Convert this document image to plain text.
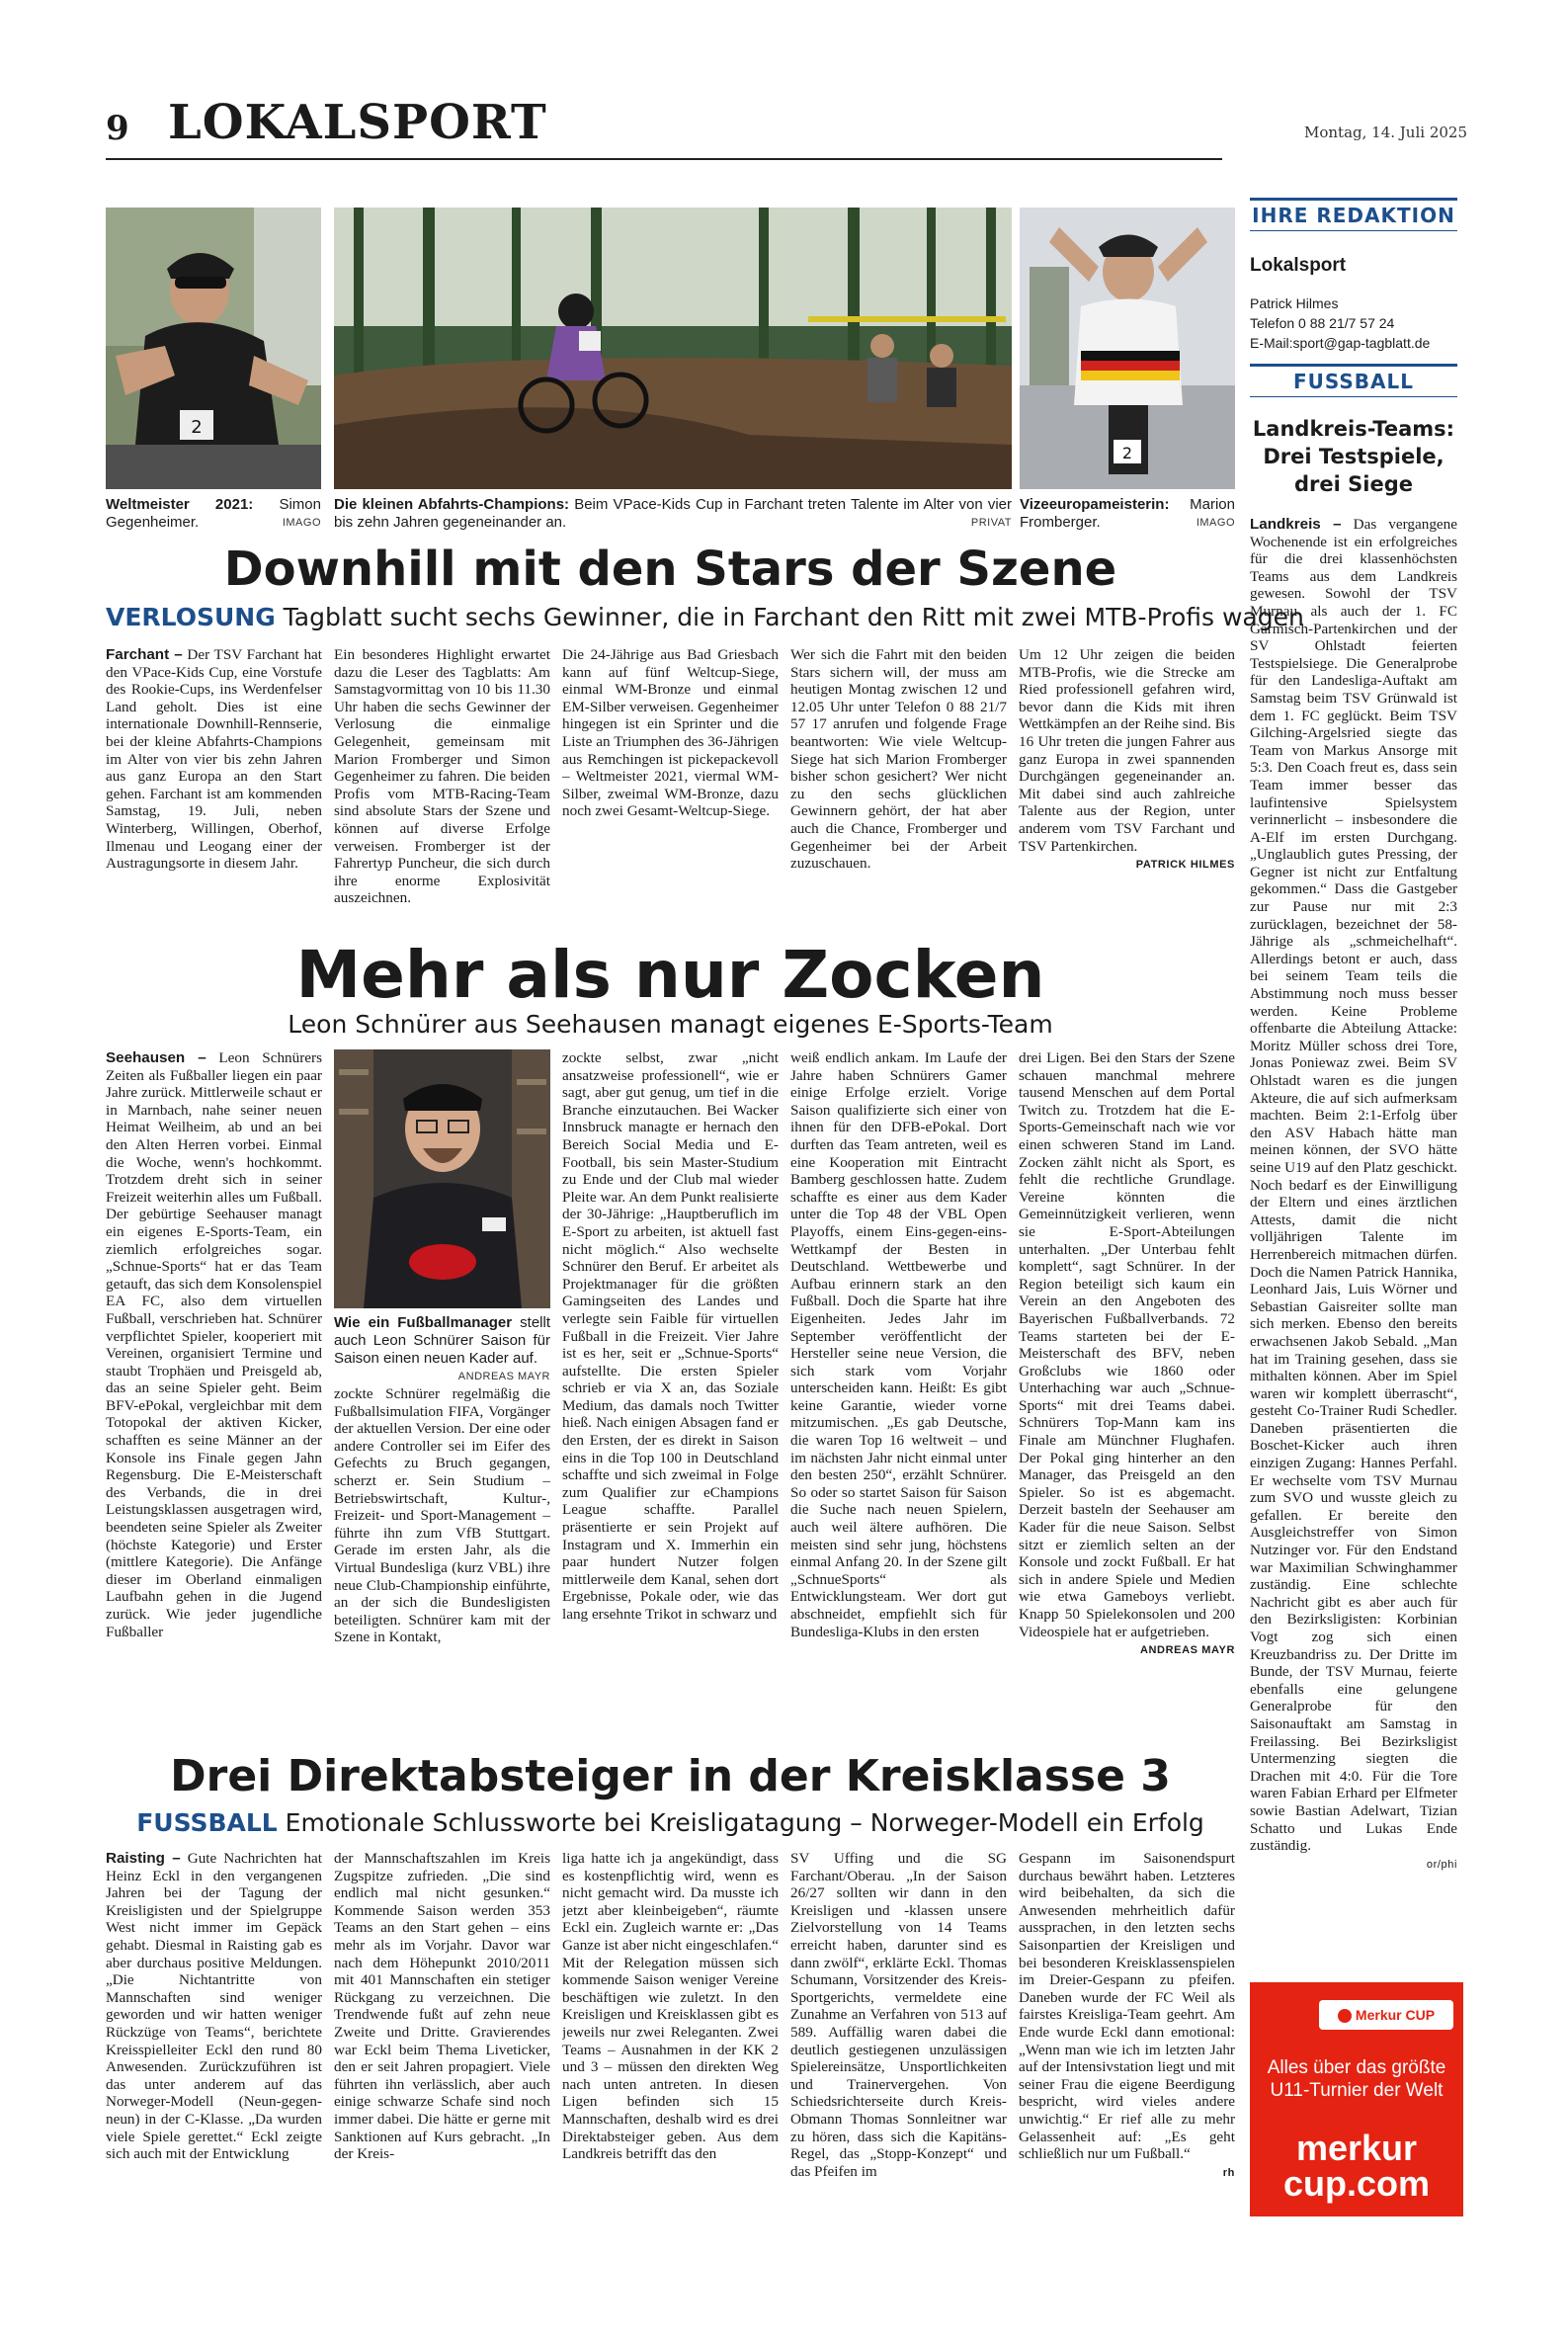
9 LOKALSPORT	Montag, 14. Juli 2025
2
Weltmeister 2021: Simon Gegenheimer.	IMAGO
Die kleinen Abfahrts-Champions: Beim VPace-Kids Cup in Farchant treten Talente im Alter von vier bis zehn Jahren gegeneinander an.	PRIVAT
2
Vizeeuropameisterin: Marion Fromberger.	IMAGO
Downhill mit den Stars der Szene
VERLOSUNG Tagblatt sucht sechs Gewinner, die in Farchant den Ritt mit zwei MTB-Profis wagen

Farchant – Der TSV Farchant hat den VPace-Kids Cup, eine Vorstufe des Rookie-Cups, ins Werdenfelser Land geholt. Dies ist eine internationale Downhill-Rennserie, bei der kleine Abfahrts-Champions im Alter von vier bis zehn Jahren aus ganz Europa an den Start gehen. Farchant ist am kommenden Samstag, 19. Juli, neben Winterberg, Willingen, Oberhof, Ilmenau und Leogang einer der Austragungsorte in diesem Jahr.

Ein besonderes Highlight erwartet dazu die Leser des Tagblatts: Am Samstagvormittag von 10 bis 11.30 Uhr haben die sechs Gewinner der Verlosung die einmalige Gelegenheit, gemeinsam mit Marion Fromberger und Simon Gegenheimer zu fahren. Die beiden Profis vom MTB-Racing-Team sind absolute Stars der Szene und können auf diverse Erfolge verweisen. Fromberger ist der Fahrertyp Puncheur, die sich durch ihre enorme Explosivität auszeichnen.

Die 24-Jährige aus Bad Griesbach kann auf fünf Weltcup-Siege, einmal WM-Bronze und einmal EM-Silber verweisen. Gegenheimer hingegen ist ein Sprinter und die Liste an Triumphen des 36-Jährigen aus Remchingen ist pickepackevoll – Weltmeister 2021, viermal WM-Silber, zweimal WM-Bronze, dazu noch zwei Gesamt-Weltcup-Siege.

Wer sich die Fahrt mit den beiden Stars sichern will, der muss am heutigen Montag zwischen 12 und 12.05 Uhr unter Telefon 0 88 21/7 57 17 anrufen und folgende Frage beantworten: Wie viele Weltcup-Siege hat sich Marion Fromberger bisher schon gesichert? Wer nicht zu den sechs glücklichen Gewinnern gehört, der hat aber auch die Chance, Fromberger und Gegenheimer bei der Arbeit zuzuschauen.

Um 12 Uhr zeigen die beiden MTB-Profis, wie die Strecke am Ried professionell gefahren wird, bevor dann die Kids mit ihren Wettkämpfen an der Reihe sind. Bis 16 Uhr treten die jungen Fahrer aus ganz Europa in zwei spannenden Durchgängen gegeneinander an. Mit dabei sind auch zahlreiche Talente aus der Region, unter anderem vom TSV Farchant und TSV Partenkirchen.

PATRICK HILMES
Mehr als nur Zocken
Leon Schnürer aus Seehausen managt eigenes E-Sports-Team

Seehausen – Leon Schnürers Zeiten als Fußballer liegen ein paar Jahre zurück. Mittlerweile schaut er in Marnbach, nahe seiner neuen Heimat Weilheim, ab und an bei den Alten Herren vorbei. Einmal die Woche, wenn's hochkommt. Trotzdem dreht sich in seiner Freizeit weiterhin alles um Fußball. Der gebürtige Seehauser managt ein eigenes E-Sports-Team, ein ziemlich erfolgreiches sogar. „Schnue-Sports“ hat er das Team getauft, das sich dem Konsolenspiel EA FC, also dem virtuellen Fußball, verschrieben hat. Schnürer verpflichtet Spieler, kooperiert mit Vereinen, organisiert Termine und staubt Trophäen und Preisgeld ab, das an seine Spieler geht. Beim BFV-ePokal, vergleichbar mit dem Totopokal der aktiven Kicker, schafften es seine Männer an der Konsole ins Finale gegen Jahn Regensburg. Die E-Meisterschaft des Verbands, die in drei Leistungsklassen ausgetragen wird, beendeten seine Spieler als Zweiter (höchste Kategorie) und Erster (mittlere Kategorie). Die Anfänge dieser im Oberland einmaligen Laufbahn gehen in die Jugend zurück. Wie jeder jugendliche Fußballer

Wie ein Fußballmanager stellt auch Leon Schnürer Saison für Saison einen neuen Kader auf.
ANDREAS MAYR

zockte Schnürer regelmäßig die Fußballsimulation FIFA, Vorgänger der aktuellen Version. Der eine oder andere Controller sei im Eifer des Gefechts zu Bruch gegangen, scherzt er. Sein Studium – Betriebswirtschaft, Kultur-, Freizeit- und Sport-Management – führte ihn zum VfB Stuttgart. Gerade im ersten Jahr, als die Virtual Bundesliga (kurz VBL) ihre neue Club-Championship einführte, an der sich die Bundesligisten beteiligten. Schnürer kam mit der Szene in Kontakt,

zockte selbst, zwar „nicht ansatzweise professionell“, wie er sagt, aber gut genug, um tief in die Branche einzutauchen. Bei Wacker Innsbruck managte er hernach den Bereich Social Media und E-Football, bis sein Master-Studium zu Ende und der Club mal wieder Pleite war. An dem Punkt realisierte der 30-Jährige: „Hauptberuflich im E-Sport zu arbeiten, ist aktuell fast nicht möglich.“ Also wechselte Schnürer den Beruf. Er arbeitet als Projektmanager für die größten Gamingseiten des Landes und verlegte sein Faible für virtuellen Fußball in die Freizeit. Vier Jahre ist es her, seit er „Schnue-Sports“ aufstellte. Die ersten Spieler schrieb er via X an, das Soziale Medium, das damals noch Twitter hieß. Nach einigen Absagen fand er den Ersten, der es direkt in Saison eins in die Top 100 in Deutschland schaffte und sich zweimal in Folge zum Qualifier zur eChampions League schaffte. Parallel präsentierte er sein Projekt auf Instagram und X. Immerhin ein paar hundert Nutzer folgen mittlerweile dem Kanal, sehen dort Ergebnisse, Pokale oder, wie das lang ersehnte Trikot in schwarz und

weiß endlich ankam. Im Laufe der Jahre haben Schnürers Gamer einige Erfolge erzielt. Vorige Saison qualifizierte sich einer von ihnen für den DFB-ePokal. Dort durften das Team antreten, weil es eine Kooperation mit Eintracht Bamberg geschlossen hatte. Zudem schaffte es einer aus dem Kader unter die Top 48 der VBL Open Playoffs, einem Eins-gegen-eins-Wettkampf der Besten in Deutschland. Wettbewerbe und Aufbau erinnern stark an den Fußball. Doch die Sparte hat ihre Eigenheiten. Jedes Jahr im September veröffentlicht der Hersteller seine neue Version, die sich stark vom Vorjahr unterscheiden kann. Heißt: Es gibt keine Garantie, wieder vorne mitzumischen. „Es gab Deutsche, die waren Top 16 weltweit – und im nächsten Jahr nicht einmal unter den besten 250“, erzählt Schnürer. So oder so startet Saison für Saison die Suche nach neuen Spielern, auch weil ältere aufhören. Die meisten sind sehr jung, höchstens einmal Anfang 20. In der Szene gilt „SchnueSports“ als Entwicklungsteam. Wer dort gut abschneidet, empfiehlt sich für Bundesliga-Klubs in den ersten

drei Ligen. Bei den Stars der Szene schauen manchmal mehrere tausend Menschen auf dem Portal Twitch zu. Trotzdem hat die E-Sports-Gemeinschaft nach wie vor einen schweren Stand im Land. Zocken zählt nicht als Sport, es fehlt die rechtliche Grundlage. Vereine könnten die Gemeinnützigkeit verlieren, wenn sie E-Sport-Abteilungen unterhalten. „Der Unterbau fehlt komplett“, sagt Schnürer. In der Region beteiligt sich kaum ein Verein an den Angeboten des Bayerischen Fußballverbands. 72 Teams starteten bei der E-Meisterschaft des BFV, neben Großclubs wie 1860 oder Unterhaching war auch „Schnue-Sports“ mit drei Teams dabei. Schnürers Top-Mann kam ins Finale am Münchner Flughafen. Der Pokal ging hinterher an den Manager, das Preisgeld an den Spieler. So ist es abgemacht. Derzeit basteln der Seehauser am Kader für die neue Saison. Selbst sitzt er ziemlich selten an der Konsole und zockt Fußball. Er hat sich in andere Spiele und Medien wie etwa Gameboys verliebt. Knapp 50 Spielekonsolen und 200 Videospiele hat er aufgetrieben.

ANDREAS MAYR
Drei Direktabsteiger in der Kreisklasse 3
FUSSBALL Emotionale Schlussworte bei Kreisligatagung – Norweger-Modell ein Erfolg

Raisting – Gute Nachrichten hat Heinz Eckl in den vergangenen Jahren bei der Tagung der Kreisligisten und der Spielgruppe West nicht immer im Gepäck gehabt. Diesmal in Raisting gab es aber durchaus positive Meldungen. „Die Nichtantritte von Mannschaften sind weniger geworden und wir hatten weniger Rückzüge von Teams“, berichtete Kreisspielleiter Eckl den rund 80 Anwesenden. Zurückzuführen ist das unter anderem auf das Norweger-Modell (Neun-gegen-neun) in der C-Klasse. „Da wurden viele Spiele gerettet.“ Eckl zeigte sich auch mit der Entwicklung

der Mannschaftszahlen im Kreis Zugspitze zufrieden. „Die sind endlich mal nicht gesunken.“ Kommende Saison werden 353 Teams an den Start gehen – eins mehr als im Vorjahr. Davor war nach dem Höhepunkt 2010/2011 mit 401 Mannschaften ein stetiger Rückgang zu verzeichnen. Die Trendwende fußt auf zehn neue Zweite und Dritte. Gravierendes war Eckl beim Thema Liveticker, den er seit Jahren propagiert. Viele führten ihn verlässlich, aber auch einige schwarze Schafe sind noch immer dabei. Die hätte er gerne mit Sanktionen auf Kurs gebracht. „In der Kreis-

liga hatte ich ja angekündigt, dass es kostenpflichtig wird, wenn es nicht gemacht wird. Da musste ich jetzt aber kleinbeigeben“, räumte Eckl ein. Zugleich warnte er: „Das Ganze ist aber nicht eingeschlafen.“ Mit der Relegation müssen sich kommende Saison weniger Vereine beschäftigen wie zuletzt. In den Kreisligen und Kreisklassen gibt es jeweils nur zwei Releganten. Zwei Teams – Ausnahmen in der KK 2 und 3 – müssen den direkten Weg nach unten antreten. In diesen Ligen befinden sich 15 Mannschaften, deshalb wird es drei Direktabsteiger geben. Aus dem Landkreis betrifft das den

SV Uffing und die SG Farchant/Oberau. „In der Saison 26/27 sollten wir dann in den Kreisligen und -klassen unsere Zielvorstellung von 14 Teams erreicht haben, darunter sind es dann zwölf“, erklärte Eckl. Thomas Schumann, Vorsitzender des Kreis-Sportgerichts, vermeldete eine Zunahme an Verfahren von 513 auf 589. Auffällig waren dabei die deutlich gestiegenen unzulässigen Spielereinsätze, Unsportlichkeiten und Trainervergehen. Von Schiedsrichterseite durch Kreis-Obmann Thomas Sonnleitner war zu hören, dass sich die Kapitäns-Regel, das „Stopp-Konzept“ und das Pfeifen im

Gespann im Saisonendspurt durchaus bewährt haben. Letzteres wird beibehalten, da sich die Anwesenden mehrheitlich dafür aussprachen, in den letzten sechs Saisonpartien der Kreisligen und bei besonderen Kreisklassenspielen im Dreier-Gespann zu pfeifen. Daneben wurde der FC Weil als fairstes Kreisliga-Team geehrt. Am Ende wurde Eckl dann emotional: „Wenn man wie ich im letzten Jahr auf der Intensivstation liegt und mit seiner Frau die eigene Beerdigung bespricht, wird vieles andere unwichtig.“ Er rief alle zu mehr Gelassenheit auf: „Es geht schließlich nur um Fußball.“

rh
IHRE REDAKTION
Lokalsport
Patrick Hilmes
Telefon 0 88 21/7 57 24
E-Mail:sport@gap-tagblatt.de
FUSSBALL
Landkreis-Teams: Drei Testspiele, drei Siege

Landkreis – Das vergangene Wochenende ist ein erfolgreiches für die drei klassenhöchsten Teams aus dem Landkreis gewesen. Sowohl der TSV Murnau als auch der 1. FC Garmisch-Partenkirchen und der SV Ohlstadt feierten Testspielsiege. Die Generalprobe für den Landesliga-Auftakt am Samstag beim TSV Grünwald ist dem 1. FC geglückt. Beim TSV Gilching-Argelsried siegte das Team von Markus Ansorge mit 5:3. Den Coach freut es, dass sein Team immer besser das laufintensive Spielsystem verinnerlicht – insbesondere die A-Elf im ersten Durchgang. „Unglaublich gutes Pressing, der Gegner ist nicht zur Entfaltung gekommen.“ Dass die Gastgeber zur Pause nur mit 2:3 zurücklagen, bezeichnet der 58-Jährige als „schmeichelhaft“. Allerdings betont er auch, dass bei seinem Team teils die Abstimmung noch muss besser werden. Keine Probleme offenbarte die Abteilung Attacke: Moritz Müller schoss drei Tore, Jonas Poniewaz zwei. Beim SV Ohlstadt waren es die jungen Akteure, die auf sich aufmerksam machten. Beim 2:1-Erfolg über den ASV Habach hätte man meinen können, der SVO hätte seine U19 auf den Platz geschickt. Noch bedarf es der Einwilligung der Eltern und eines ärztlichen Attests, damit die nicht volljährigen Talente im Herrenbereich mitmachen dürfen. Doch die Namen Patrick Hannika, Leonhard Jais, Luis Wörner und Sebastian Gaisreiter sollte man sich merken. Ebenso den bereits erwachsenen Jakob Sebald. „Man hat im Training gesehen, dass sie mithalten können. Aber im Spiel waren wir komplett überrascht“, gesteht Co-Trainer Rudi Schedler. Daneben präsentierten die Boschet-Kicker auch ihren einzigen Zugang: Hannes Perfahl. Er wechselte vom TSV Murnau zum SVO und wusste gleich zu gefallen. Er bereite den Ausgleichstreffer von Simon Nutzinger vor. Für den Endstand war Maximilian Schwinghammer zuständig. Eine schlechte Nachricht gibt es aber auch für den Bezirksligisten: Korbinian Vogt zog sich einen Kreuzbandriss zu. Der Dritte im Bunde, der TSV Murnau, feierte ebenfalls eine gelungene Generalprobe für den Saisonauftakt am Samstag in Freilassing. Bei Bezirksligist Untermenzing siegten die Drachen mit 4:0. Für die Tore waren Fabian Erhard per Elfmeter sowie Bastian Adelwart, Tizian Schatto und Lukas Ende zuständig.

or/phi
Merkur CUP
Alles über das größte U11-Turnier der Welt
merkur
cup.com
